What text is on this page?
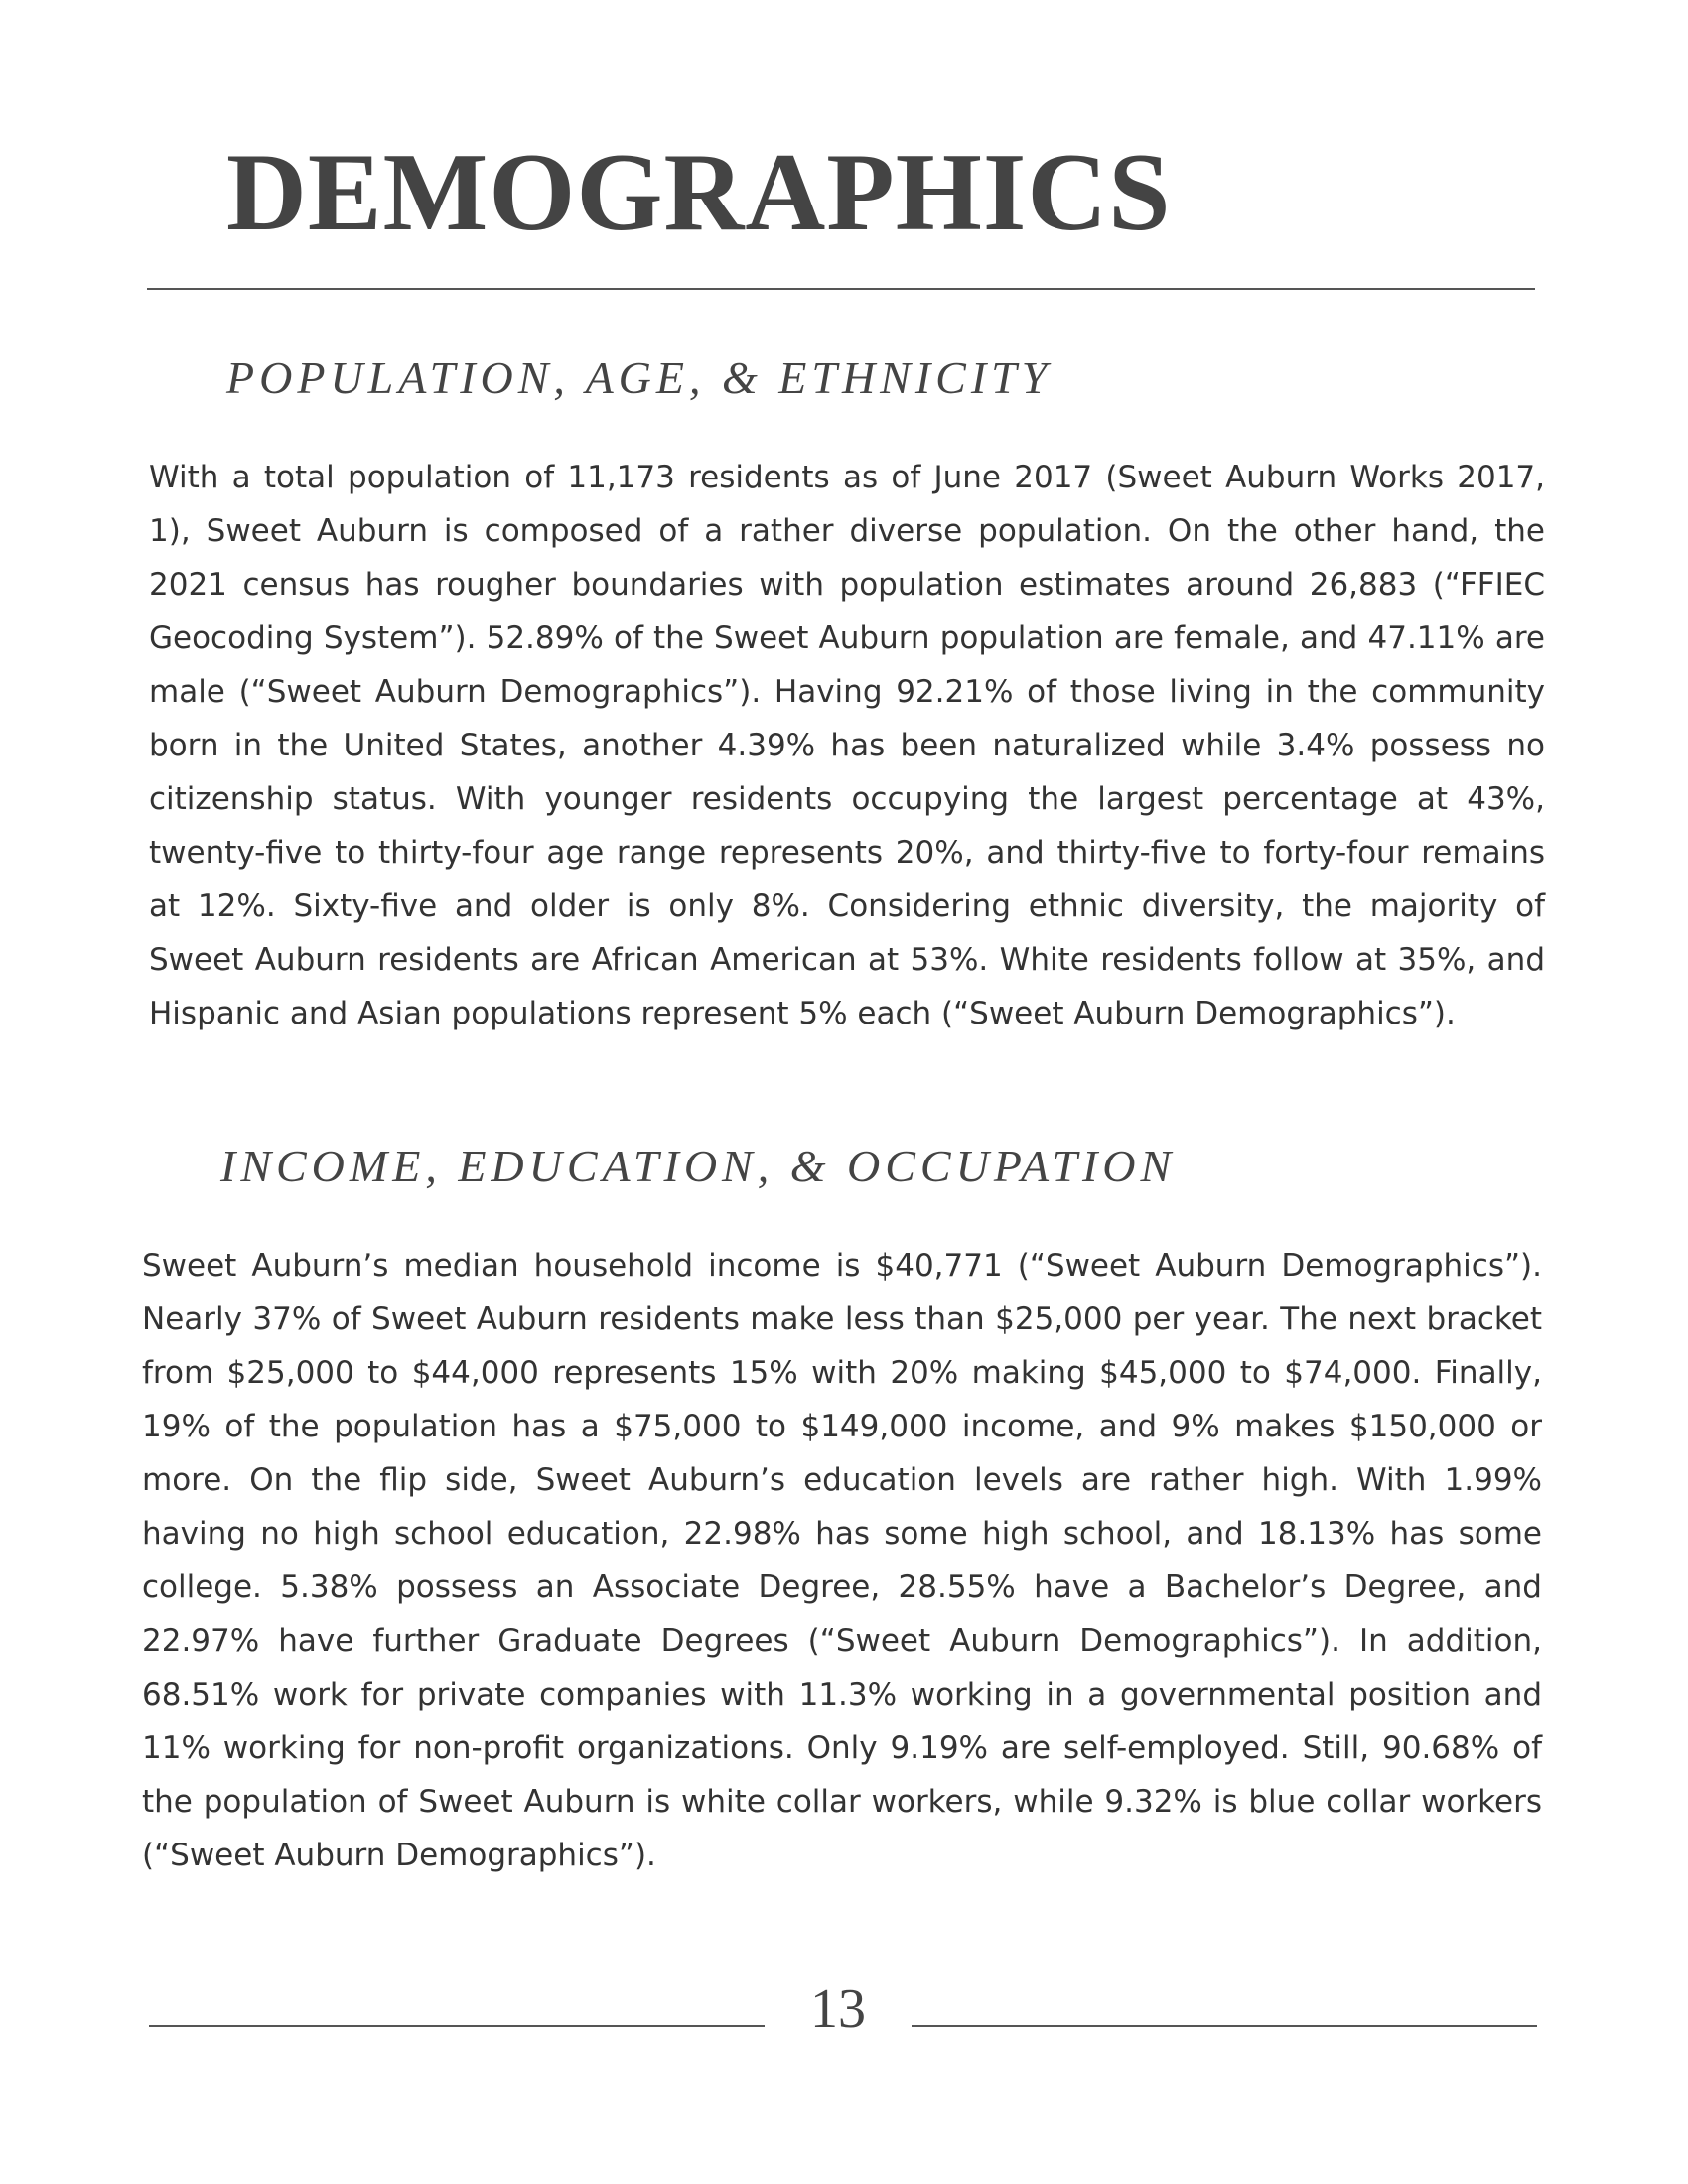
DEMOGRAPHICS
POPULATION, AGE, & ETHNICITY

With a total population of 11,173 residents as of June 2017 (Sweet Auburn Works 2017, 1), Sweet Auburn is composed of a rather diverse population. On the other hand, the 2021 census has rougher boundaries with population estimates around 26,883 (“FFIEC Geocoding System”). 52.89% of the Sweet Auburn population are female, and 47.11% are male (“Sweet Auburn Demographics”). Having 92.21% of those living in the community born in the United States, another 4.39% has been naturalized while 3.4% possess no citizenship status. With younger residents occupying the largest percentage at 43%, twenty-five to thirty-four age range represents 20%, and thirty-five to forty-four remains at 12%. Sixty-five and older is only 8%. Considering ethnic diversity, the majority of Sweet Auburn residents are African American at 53%. White residents follow at 35%, and Hispanic and Asian populations represent 5% each (“Sweet Auburn Demographics”).

INCOME, EDUCATION, & OCCUPATION

Sweet Auburn’s median household income is $40,771 (“Sweet Auburn Demographics”). Nearly 37% of Sweet Auburn residents make less than $25,000 per year. The next bracket from $25,000 to $44,000 represents 15% with 20% making $45,000 to $74,000. Finally, 19% of the population has a $75,000 to $149,000 income, and 9% makes $150,000 or more. On the flip side, Sweet Auburn’s education levels are rather high. With 1.99% having no high school education, 22.98% has some high school, and 18.13% has some college. 5.38% possess an Associate Degree, 28.55% have a Bachelor’s Degree, and 22.97% have further Graduate Degrees (“Sweet Auburn Demographics”). In addition, 68.51% work for private companies with 11.3% working in a governmental position and 11% working for non-profit organizations. Only 9.19% are self-employed. Still, 90.68% of the population of Sweet Auburn is white collar workers, while 9.32% is blue collar workers (“Sweet Auburn Demographics”).

13
